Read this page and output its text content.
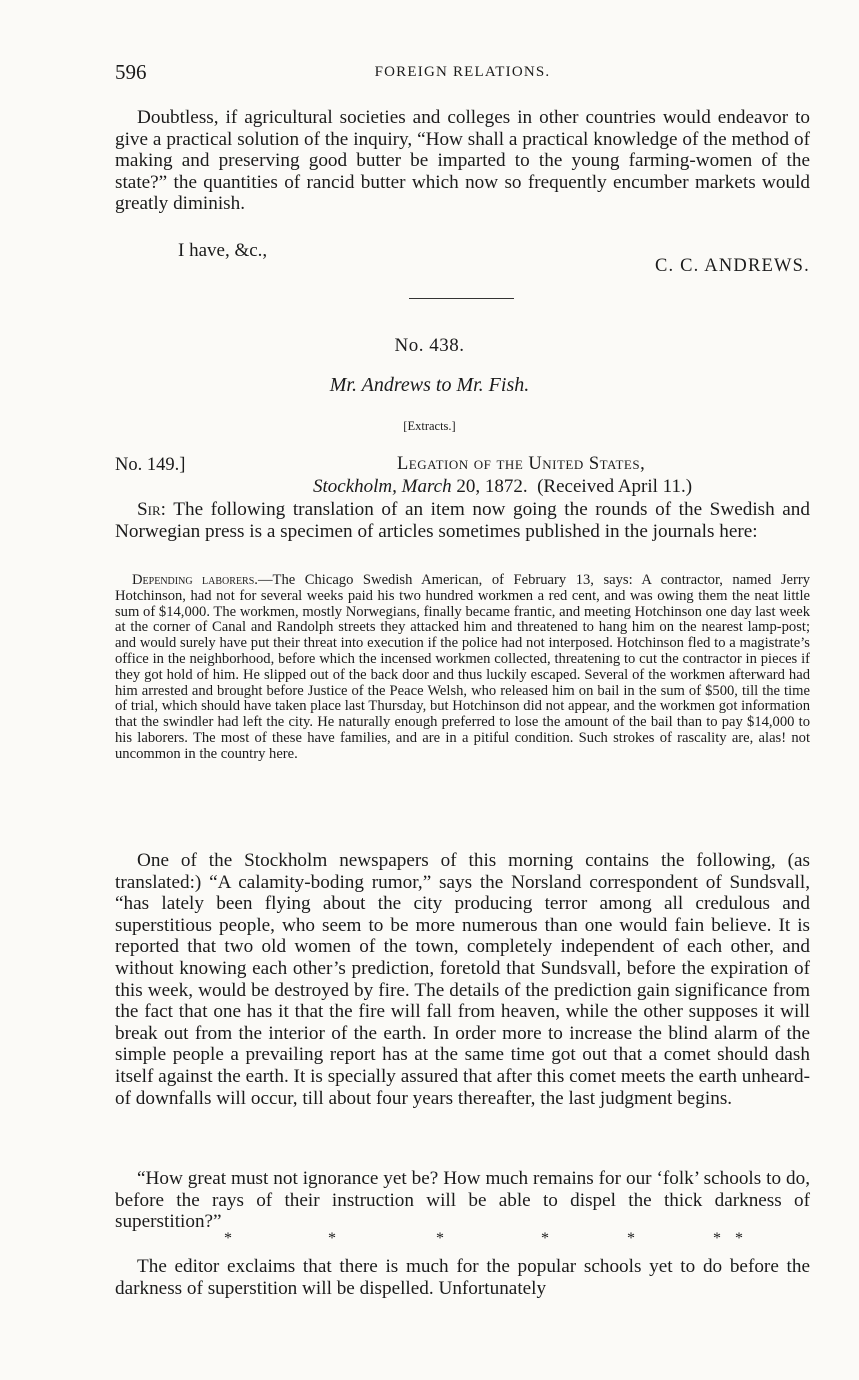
596	FOREIGN RELATIONS.

Doubtless, if agricultural societies and colleges in other countries would endeavor to give a practical solution of the inquiry, “How shall a practical knowledge of the method of making and preserving good butter be imparted to the young farming-women of the state?” the quantities of rancid butter which now so frequently encumber markets would greatly diminish.

I have, &c.,
C. C. ANDREWS.
No. 438.
Mr. Andrews to Mr. Fish.
[Extracts.]
No. 149.]	Legation of the United States,
Stockholm, March 20, 1872. (Received April 11.)

Sir: The following translation of an item now going the rounds of the Swedish and Norwegian press is a specimen of articles sometimes published in the journals here:

Depending laborers.—The Chicago Swedish American, of February 13, says: A contractor, named Jerry Hotchinson, had not for several weeks paid his two hundred workmen a red cent, and was owing them the neat little sum of $14,000. The workmen, mostly Norwegians, finally became frantic, and meeting Hotchinson one day last week at the corner of Canal and Randolph streets they attacked him and threatened to hang him on the nearest lamp-post; and would surely have put their threat into execution if the police had not interposed. Hotchinson fled to a magistrate’s office in the neighborhood, before which the incensed workmen collected, threatening to cut the contractor in pieces if they got hold of him. He slipped out of the back door and thus luckily escaped. Several of the workmen afterward had him arrested and brought before Justice of the Peace Welsh, who released him on bail in the sum of $500, till the time of trial, which should have taken place last Thursday, but Hotchinson did not appear, and the workmen got information that the swindler had left the city. He naturally enough preferred to lose the amount of the bail than to pay $14,000 to his laborers. The most of these have families, and are in a pitiful condition. Such strokes of rascality are, alas! not uncommon in the country here.

One of the Stockholm newspapers of this morning contains the following, (as translated:) “A calamity-boding rumor,” says the Norsland correspondent of Sundsvall, “has lately been flying about the city producing terror among all credulous and superstitious people, who seem to be more numerous than one would fain believe. It is reported that two old women of the town, completely independent of each other, and without knowing each other’s prediction, foretold that Sundsvall, before the expiration of this week, would be destroyed by fire. The details of the prediction gain significance from the fact that one has it that the fire will fall from heaven, while the other supposes it will break out from the interior of the earth. In order more to increase the blind alarm of the simple people a prevailing report has at the same time got out that a comet should dash itself against the earth. It is specially assured that after this comet meets the earth unheard-of downfalls will occur, till about four years thereafter, the last judgment begins.

“How great must not ignorance yet be? How much remains for our ‘folk’ schools to do, before the rays of their instruction will be able to dispel the thick darkness of superstition?”

*	*	*	*	*	* *

The editor exclaims that there is much for the popular schools yet to do before the darkness of superstition will be dispelled. Unfortunately
